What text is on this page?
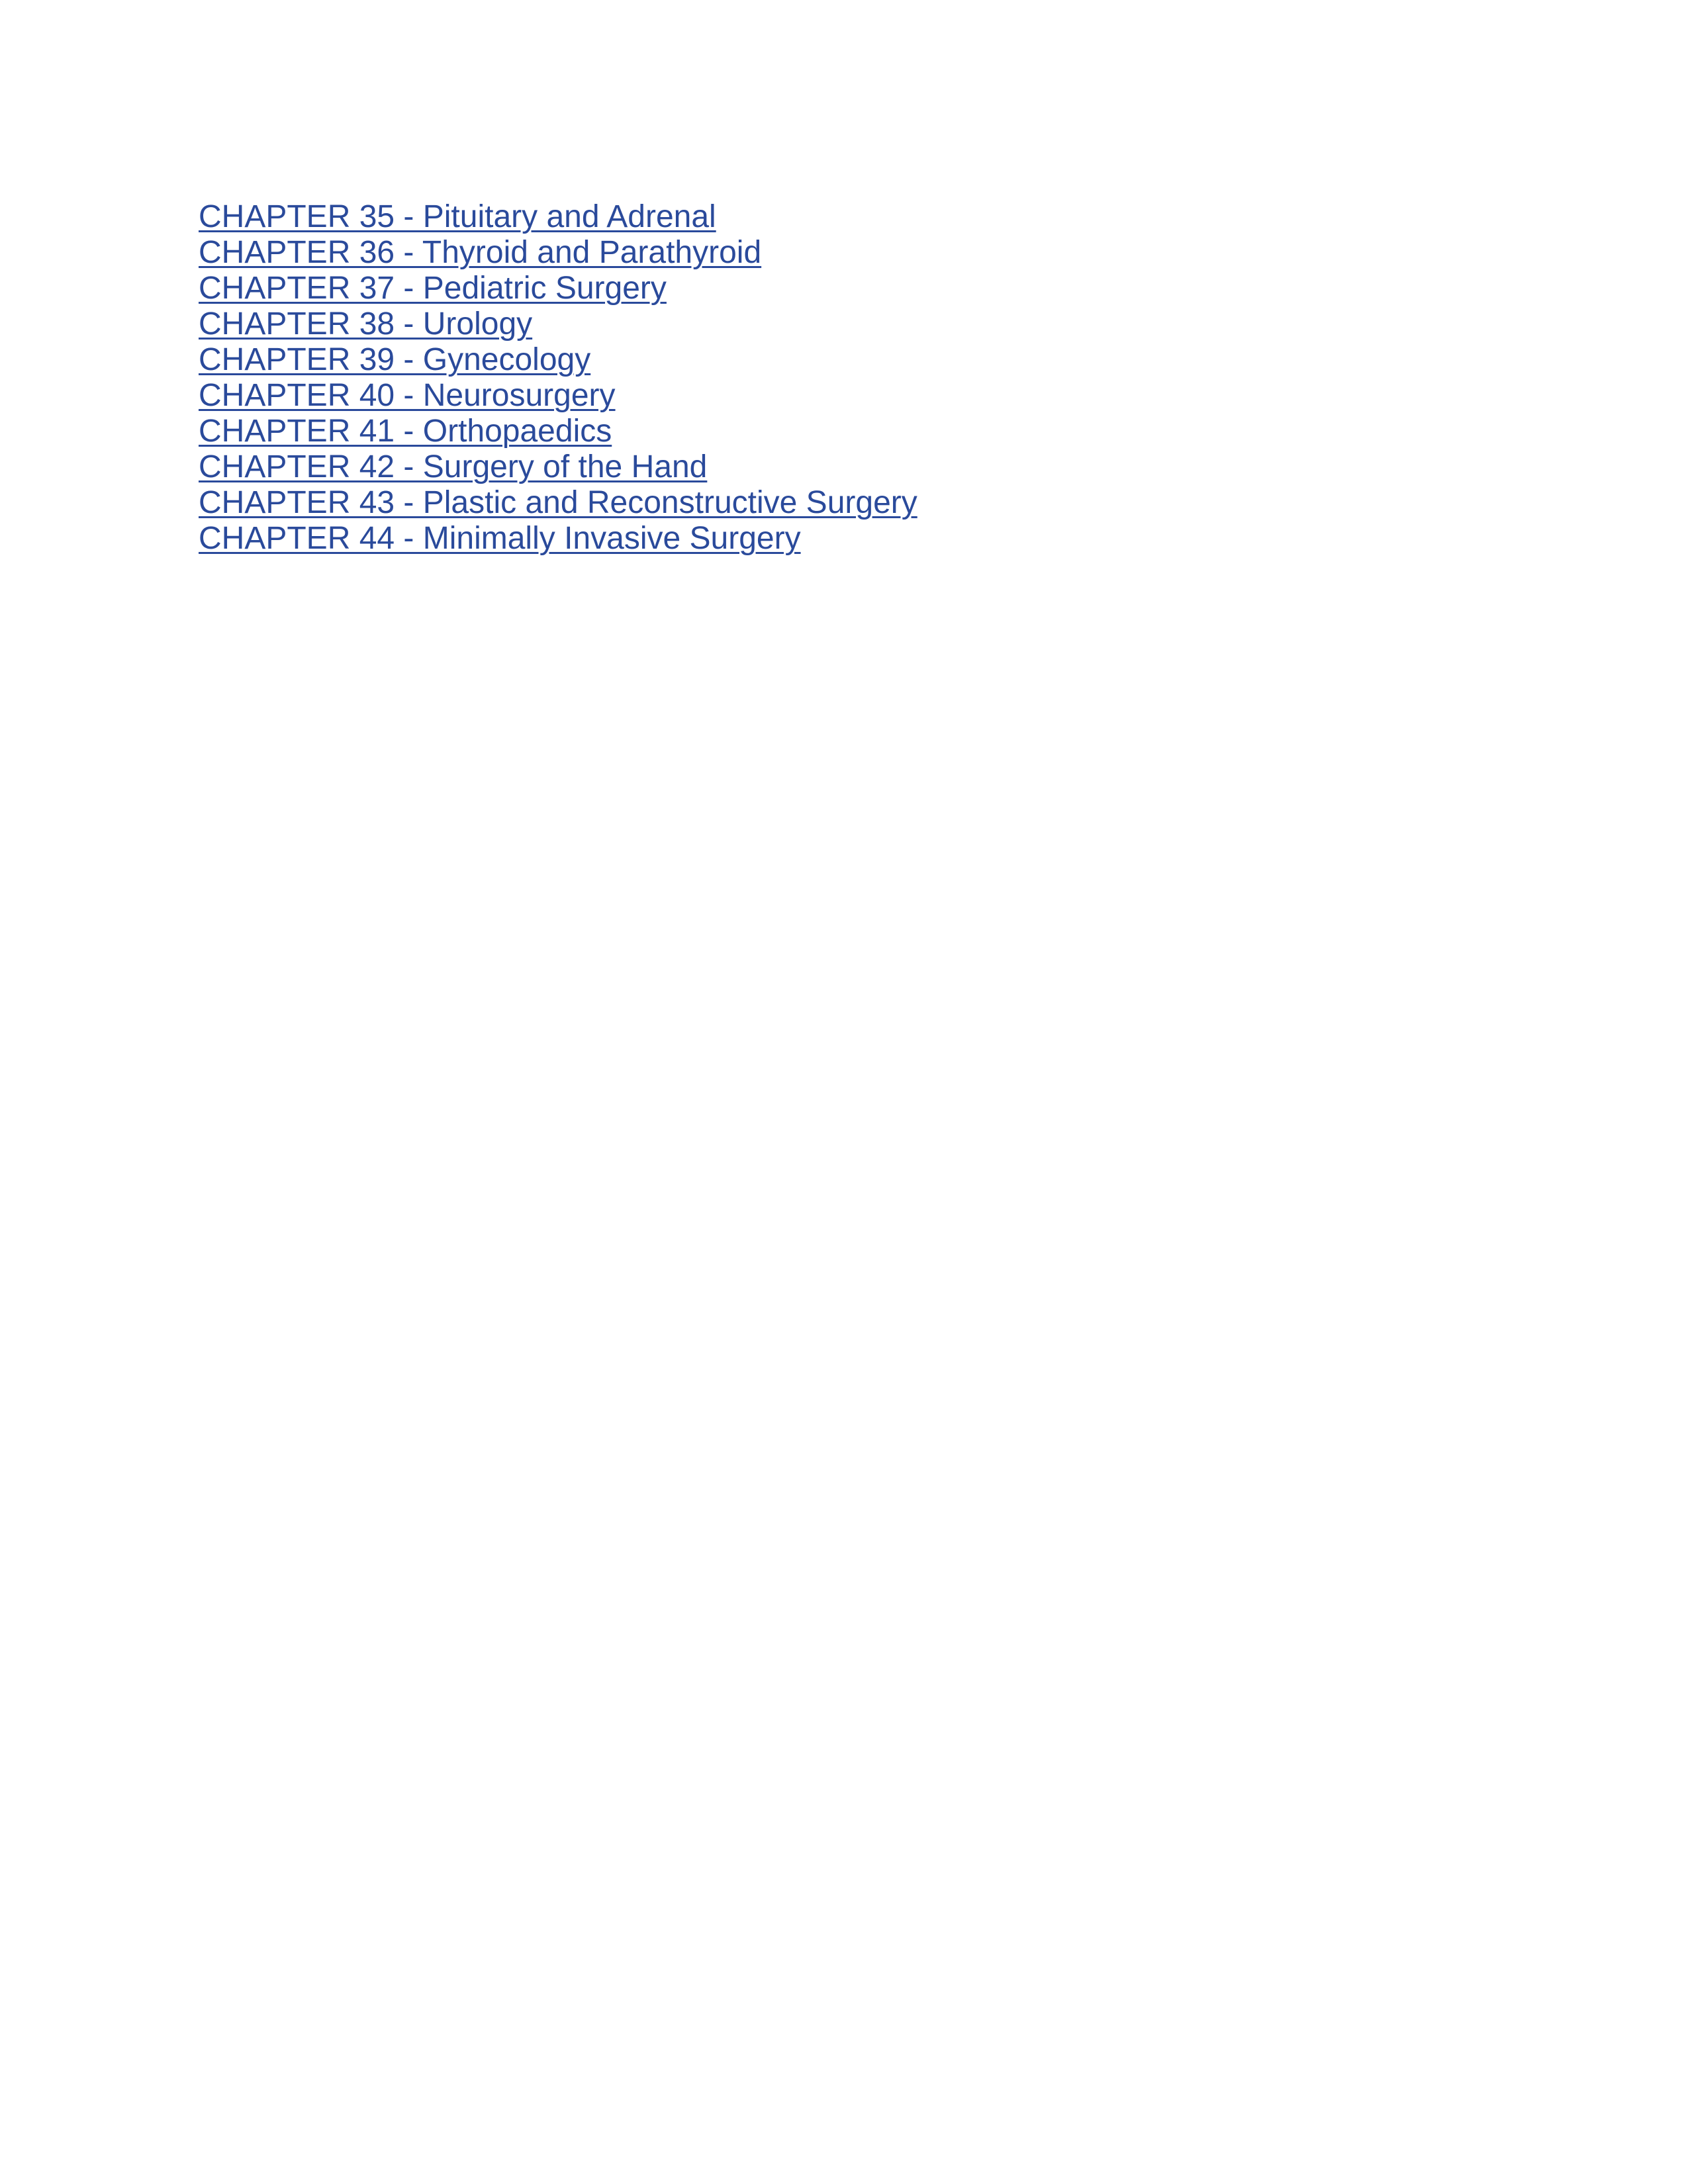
CHAPTER 35 - Pituitary and Adrenal
CHAPTER 36 - Thyroid and Parathyroid
CHAPTER 37 - Pediatric Surgery
CHAPTER 38 - Urology
CHAPTER 39 - Gynecology
CHAPTER 40 - Neurosurgery
CHAPTER 41 - Orthopaedics
CHAPTER 42 - Surgery of the Hand
CHAPTER 43 - Plastic and Reconstructive Surgery
CHAPTER 44 - Minimally Invasive Surgery
